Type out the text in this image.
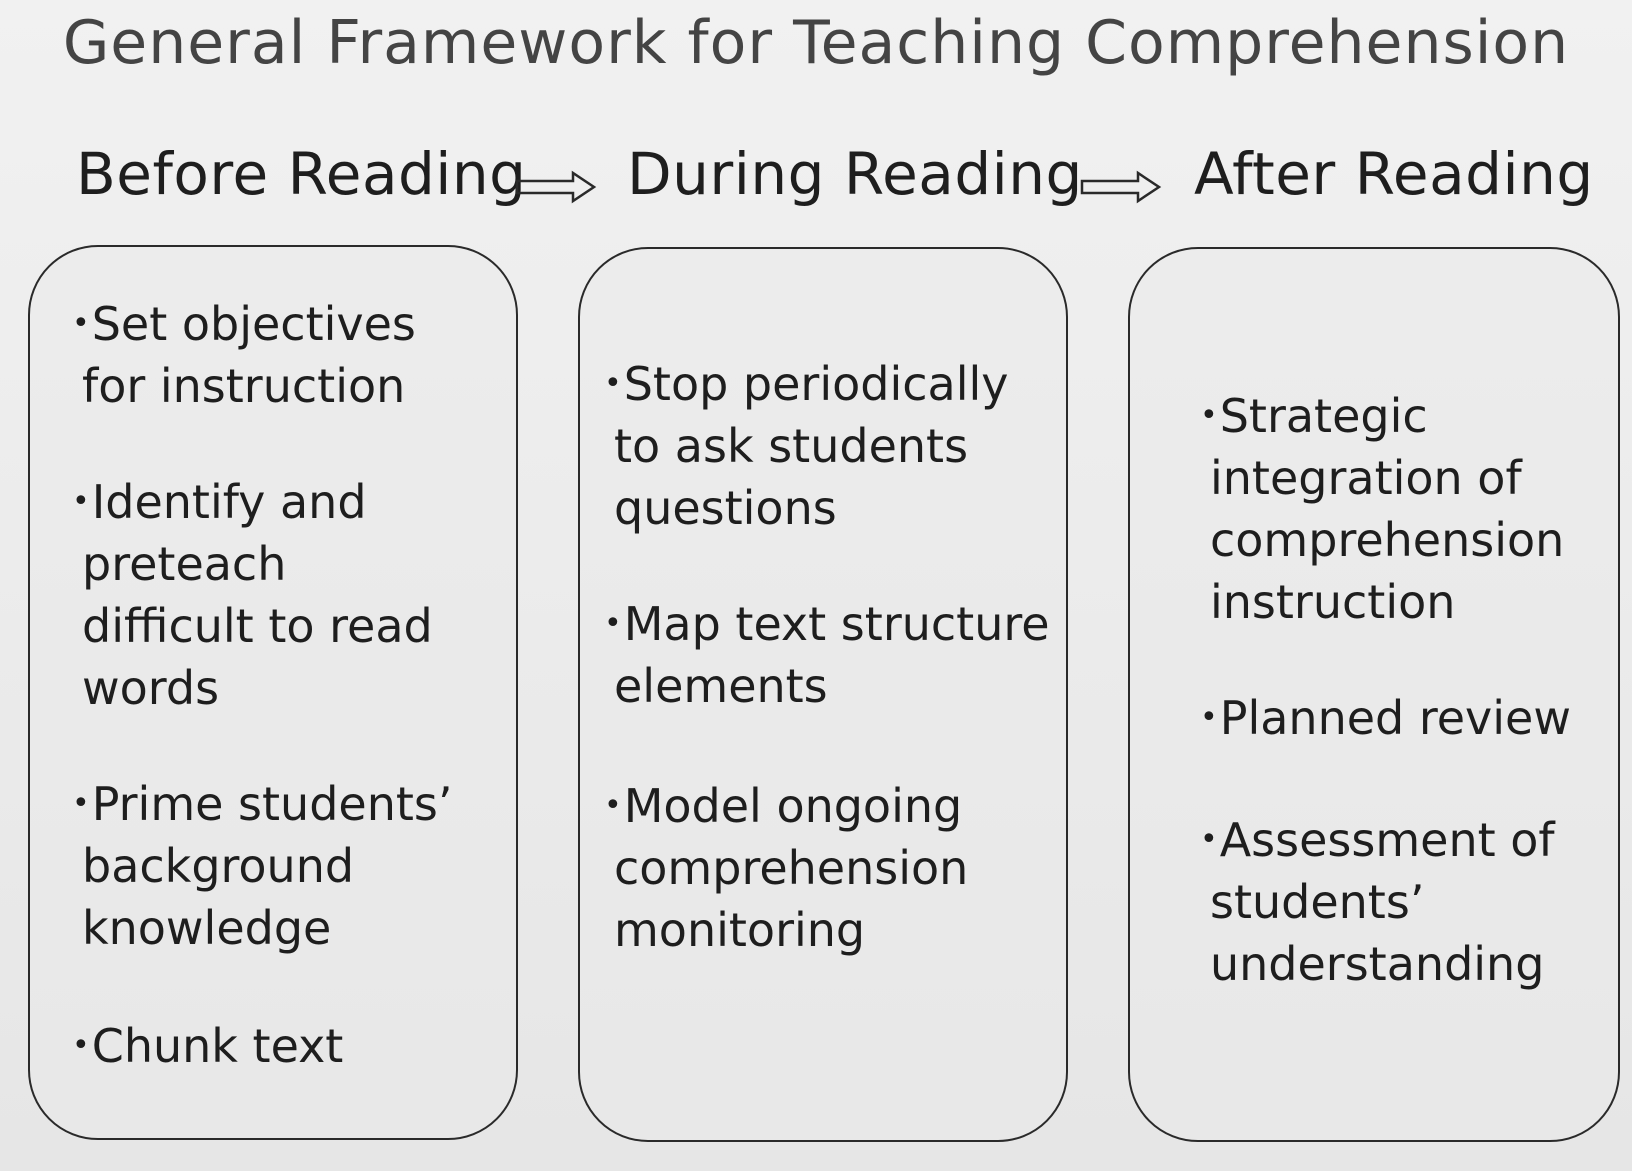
General Framework for Teaching Comprehension
Before Reading During Reading After Reading
•Set objectives
for instruction
•Identify and
preteach
difficult to read
words
•Prime students’
background
knowledge
•Chunk text
•Stop periodically
to ask students
questions
•Map text structure
elements
•Model ongoing
comprehension
monitoring
•Strategic
integration of
comprehension
instruction
•Planned review
•Assessment of
students’
understanding
